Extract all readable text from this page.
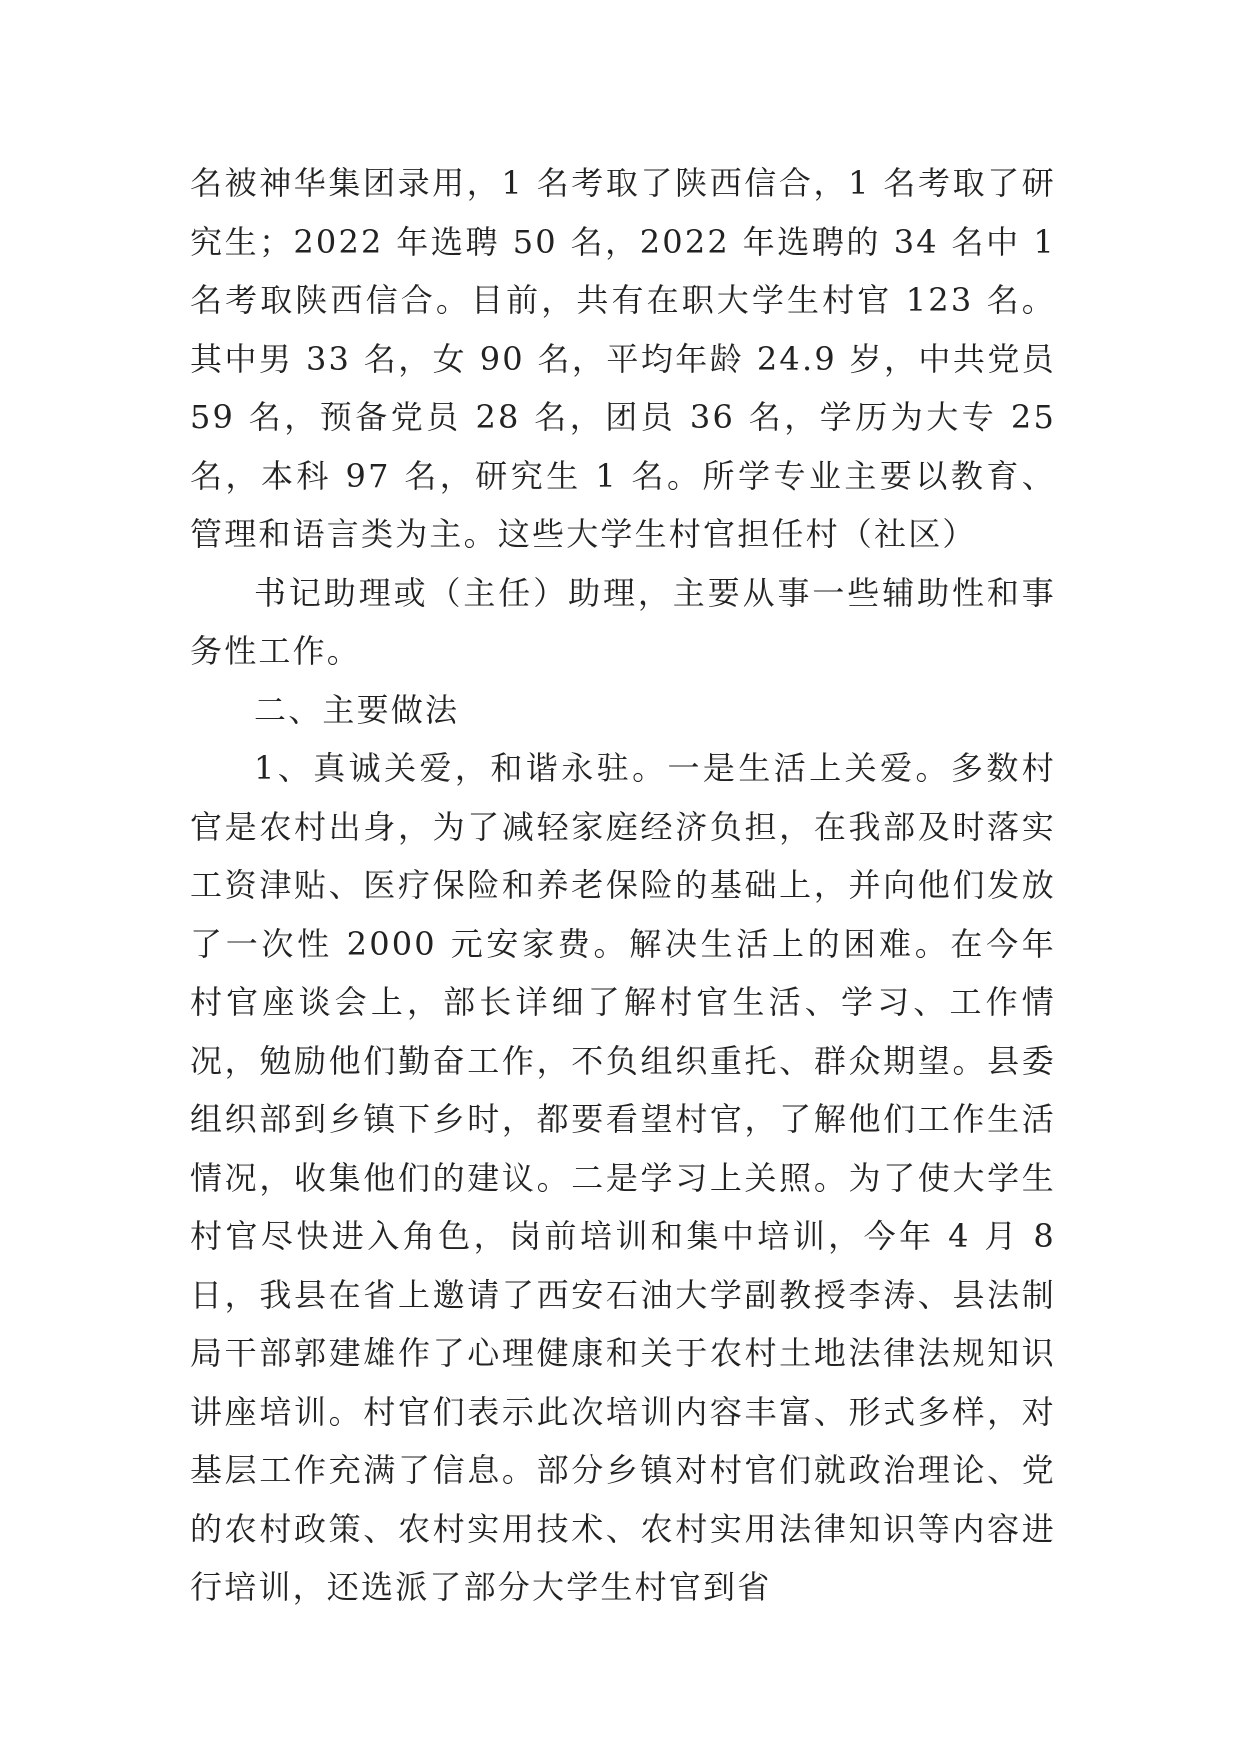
名被神华集团录用，1 名考取了陕西信合，1 名考取了研究生；2022 年选聘 50 名，2022 年选聘的 34 名中 1 名考取陕西信合。目前，共有在职大学生村官 123 名。其中男 33 名，女 90 名，平均年龄 24.9 岁，中共党员 59 名，预备党员 28 名，团员 36 名，学历为大专 25 名，本科 97 名，研究生 1 名。所学专业主要以教育、管理和语言类为主。这些大学生村官担任村（社区）

书记助理或（主任）助理，主要从事一些辅助性和事务性工作。

二、主要做法

1、真诚关爱，和谐永驻。一是生活上关爱。多数村官是农村出身，为了减轻家庭经济负担，在我部及时落实工资津贴、医疗保险和养老保险的基础上，并向他们发放了一次性 2000 元安家费。解决生活上的困难。在今年村官座谈会上，部长详细了解村官生活、学习、工作情况，勉励他们勤奋工作，不负组织重托、群众期望。县委组织部到乡镇下乡时，都要看望村官，了解他们工作生活情况，收集他们的建议。二是学习上关照。为了使大学生村官尽快进入角色，岗前培训和集中培训，今年 4 月 8 日，我县在省上邀请了西安石油大学副教授李涛、县法制局干部郭建雄作了心理健康和关于农村土地法律法规知识讲座培训。村官们表示此次培训内容丰富、形式多样，对基层工作充满了信息。部分乡镇对村官们就政治理论、党的农村政策、农村实用技术、农村实用法律知识等内容进行培训，还选派了部分大学生村官到省
